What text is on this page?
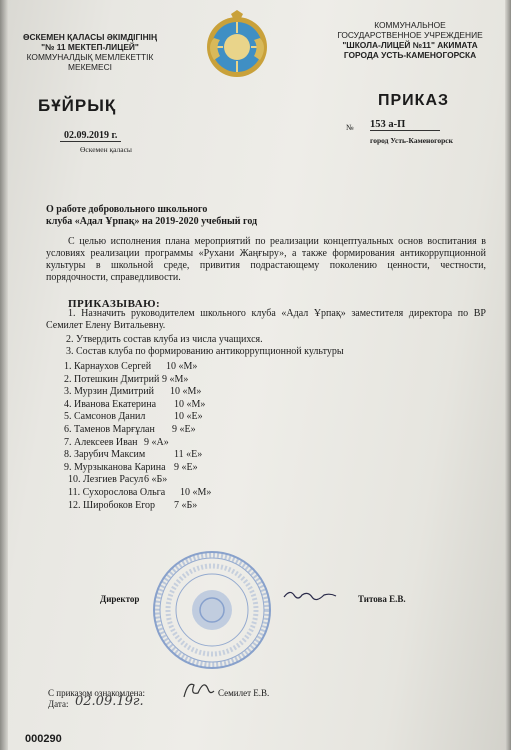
ӨСКЕМЕН ҚАЛАСЫ ӘКІМДІГІНІҢ
"№ 11 МЕКТЕП-ЛИЦЕЙ"
КОММУНАЛДЫҚ МЕМЛЕКЕТТІК
МЕКЕМЕСІ
КОММУНАЛЬНОЕ
ГОСУДАРСТВЕННОЕ УЧРЕЖДЕНИЕ
"ШКОЛА-ЛИЦЕЙ №11" АКИМАТА
ГОРОДА УСТЬ-КАМЕНОГОРСКА
БҰЙРЫҚ	ПРИКАЗ
02.09.2019 г.
Өскемен қаласы
№ 153 а-П
город Усть-Каменогорск
О работе добровольного школьного
клуба «Адал Ұрпақ» на 2019-2020 учебный год
С целью исполнения плана мероприятий по реализации концептуальных основ воспитания в условиях реализации программы «Рухани Жаңғыру», а также формирования антикоррупционной культуры в школьной среде, привития подрастающему поколению ценности, честности, порядочности, справедливости.
ПРИКАЗЫВАЮ:
1. Назначить руководителем школьного клуба «Адал Ұрпақ» заместителя директора по ВР Семилет Елену Витальевну.
2. Утвердить состав клуба из числа учащихся.
3. Состав клуба по формированию антикоррупционной культуры
1. Карнаухов Сергей 10 «М»
2. Потешкин Дмитрий 9 «М»
3. Мурзин Димитрий 10 «М»
4. Иванова Екатерина 10 «М»
5. Самсонов Данил	10 «Е»
6. Таменов Марғұлан 9 «Е»
7. Алексеев Иван 9 «А»
8. Зарубич Максим	11 «Е»
9. Мурзыканова Карина 9 «Е»
10. Лезгиев Расул 6 «Б»
11. Сухорослова Ольга 10 «М»
12. Широбоков Егор 7 «Б»
Директор	Титова Е.В.
С приказом ознакомлена:	Семилет Е.В.
Дата: 02.09.19г.
000290
